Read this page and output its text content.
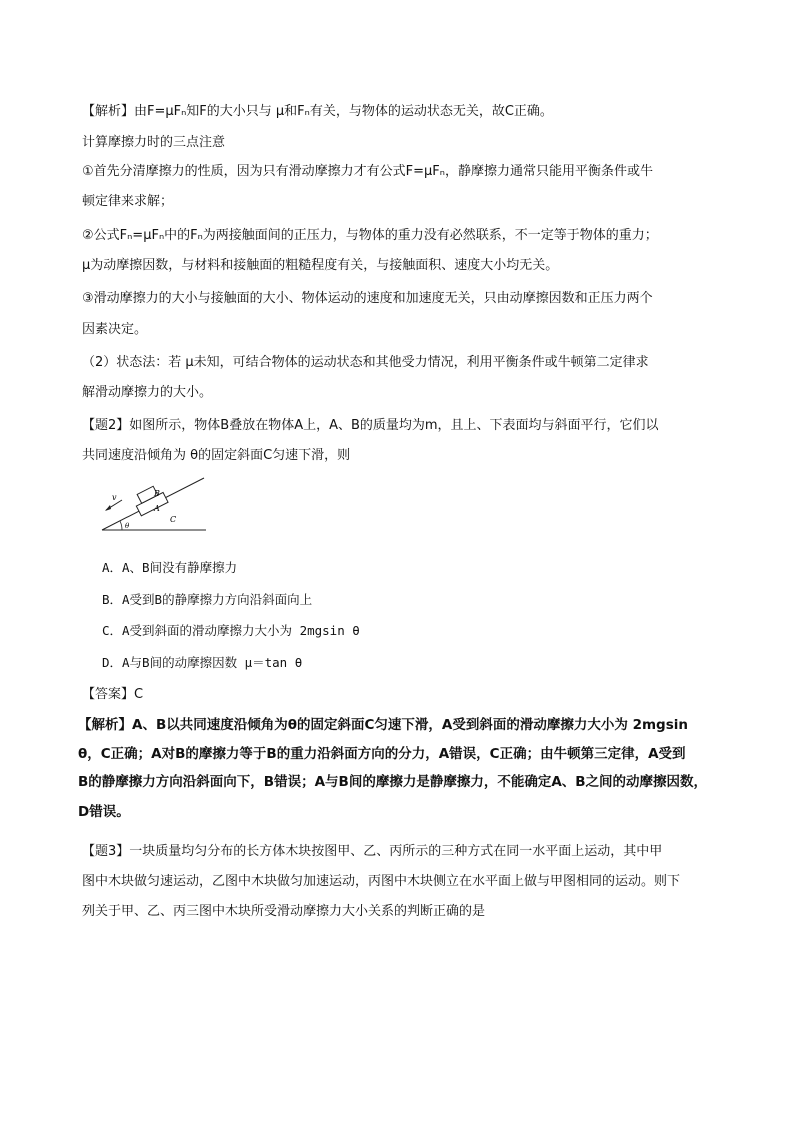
【解析】由F=μFₙ知F的大小只与 μ和Fₙ有关，与物体的运动状态无关，故C正确。
计算摩擦力时的三点注意
①首先分清摩擦力的性质，因为只有滑动摩擦力才有公式F=μFₙ，静摩擦力通常只能用平衡条件或牛
顿定律来求解；
②公式Fₙ=μFₙ中的Fₙ为两接触面间的正压力，与物体的重力没有必然联系，不一定等于物体的重力；
μ为动摩擦因数，与材料和接触面的粗糙程度有关，与接触面积、速度大小均无关。
③滑动摩擦力的大小与接触面的大小、物体运动的速度和加速度无关，只由动摩擦因数和正压力两个
因素决定。
（2）状态法：若 μ未知，可结合物体的运动状态和其他受力情况，利用平衡条件或牛顿第二定律求
解滑动摩擦力的大小。
【题2】如图所示，物体B叠放在物体A上，A、B的质量均为m，且上、下表面均与斜面平行，它们以
共同速度沿倾角为 θ的固定斜面C匀速下滑，则
v
A
B
C
θ
A．A、B间没有静摩擦力
B．A受到B的静摩擦力方向沿斜面向上
C．A受到斜面的滑动摩擦力大小为 2mgsin θ
D．A与B间的动摩擦因数 μ＝tan θ
【答案】C
【解析】A、B以共同速度沿倾角为θ的固定斜面C匀速下滑，A受到斜面的滑动摩擦力大小为 2mgsin
θ，C正确；A对B的摩擦力等于B的重力沿斜面方向的分力，A错误，C正确；由牛顿第三定律，A受到
B的静摩擦力方向沿斜面向下，B错误；A与B间的摩擦力是静摩擦力，不能确定A、B之间的动摩擦因数，
D错误。
【题3】一块质量均匀分布的长方体木块按图甲、乙、丙所示的三种方式在同一水平面上运动，其中甲
图中木块做匀速运动，乙图中木块做匀加速运动，丙图中木块侧立在水平面上做与甲图相同的运动。则下
列关于甲、乙、丙三图中木块所受滑动摩擦力大小关系的判断正确的是
